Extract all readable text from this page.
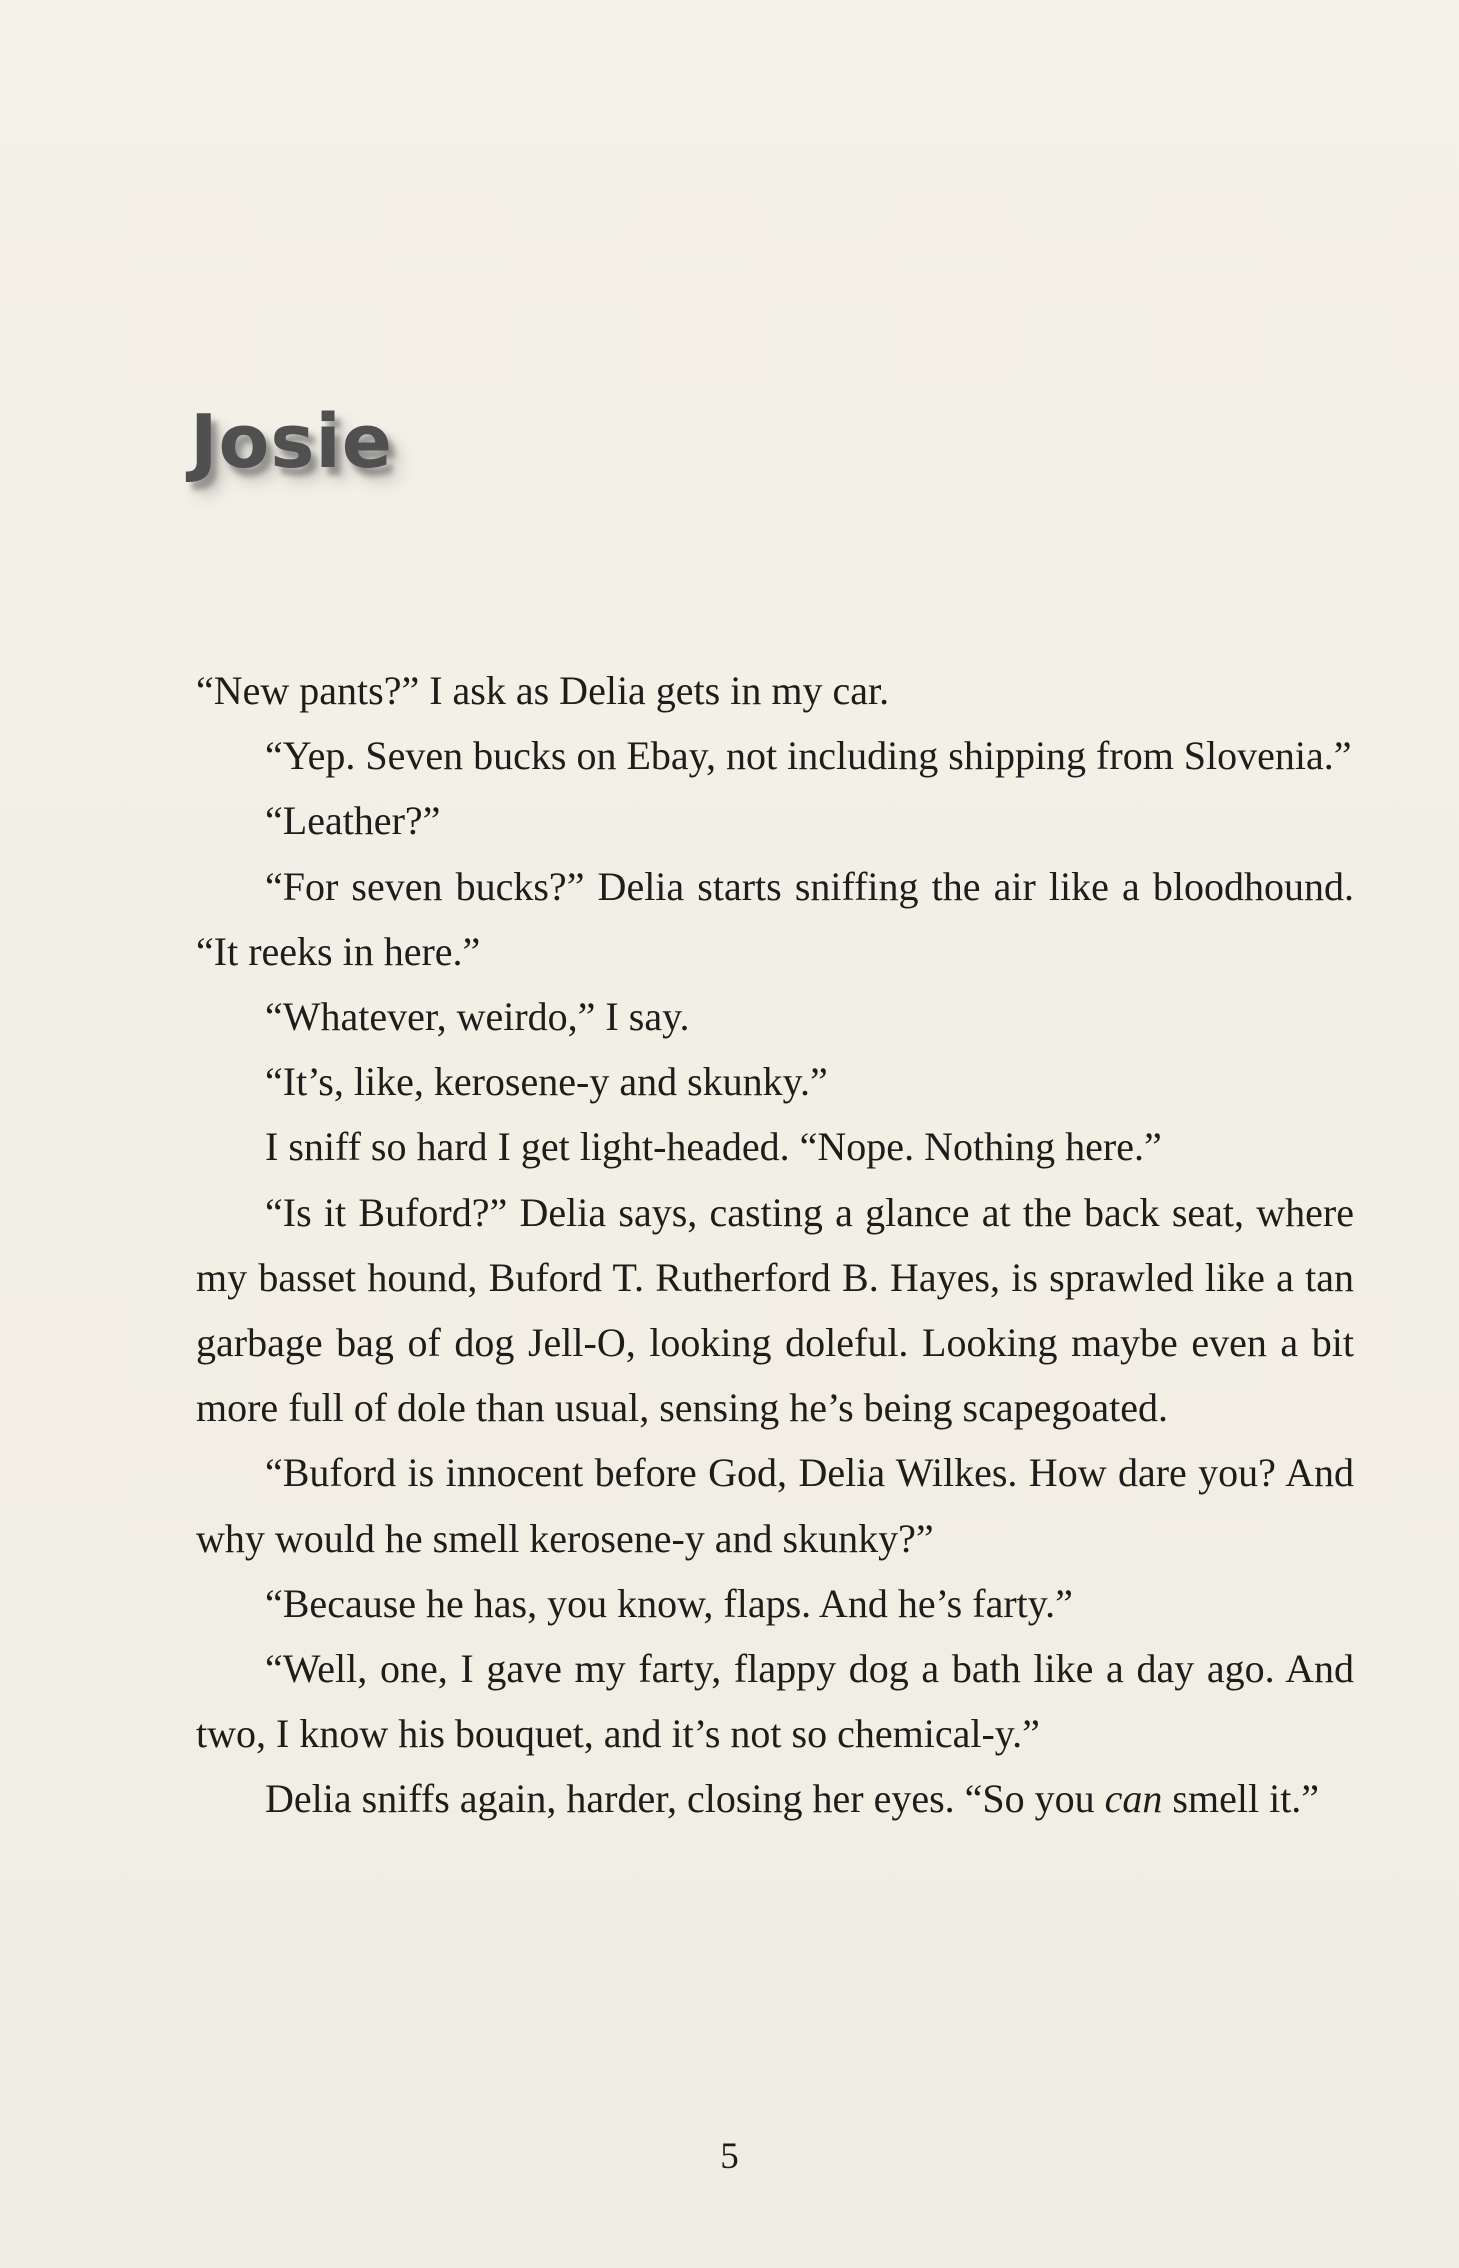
Josie

“New pants?” I ask as Delia gets in my car.

“Yep. Seven bucks on Ebay, not including shipping from Slovenia.”

“Leather?”

“For seven bucks?” Delia starts sniffing the air like a bloodhound. “It reeks in here.”

“Whatever, weirdo,” I say.

“It’s, like, kerosene-y and skunky.”

I sniff so hard I get light-headed. “Nope. Nothing here.”

“Is it Buford?” Delia says, casting a glance at the back seat, where my basset hound, Buford T. Rutherford B. Hayes, is sprawled like a tan garbage bag of dog Jell-O, looking doleful. Looking maybe even a bit more full of dole than usual, sensing he’s being scapegoated.

“Buford is innocent before God, Delia Wilkes. How dare you? And why would he smell kerosene-y and skunky?”

“Because he has, you know, flaps. And he’s farty.”

“Well, one, I gave my farty, flappy dog a bath like a day ago. And two, I know his bouquet, and it’s not so chemical-y.”

Delia sniffs again, harder, closing her eyes. “So you can smell it.”

5
